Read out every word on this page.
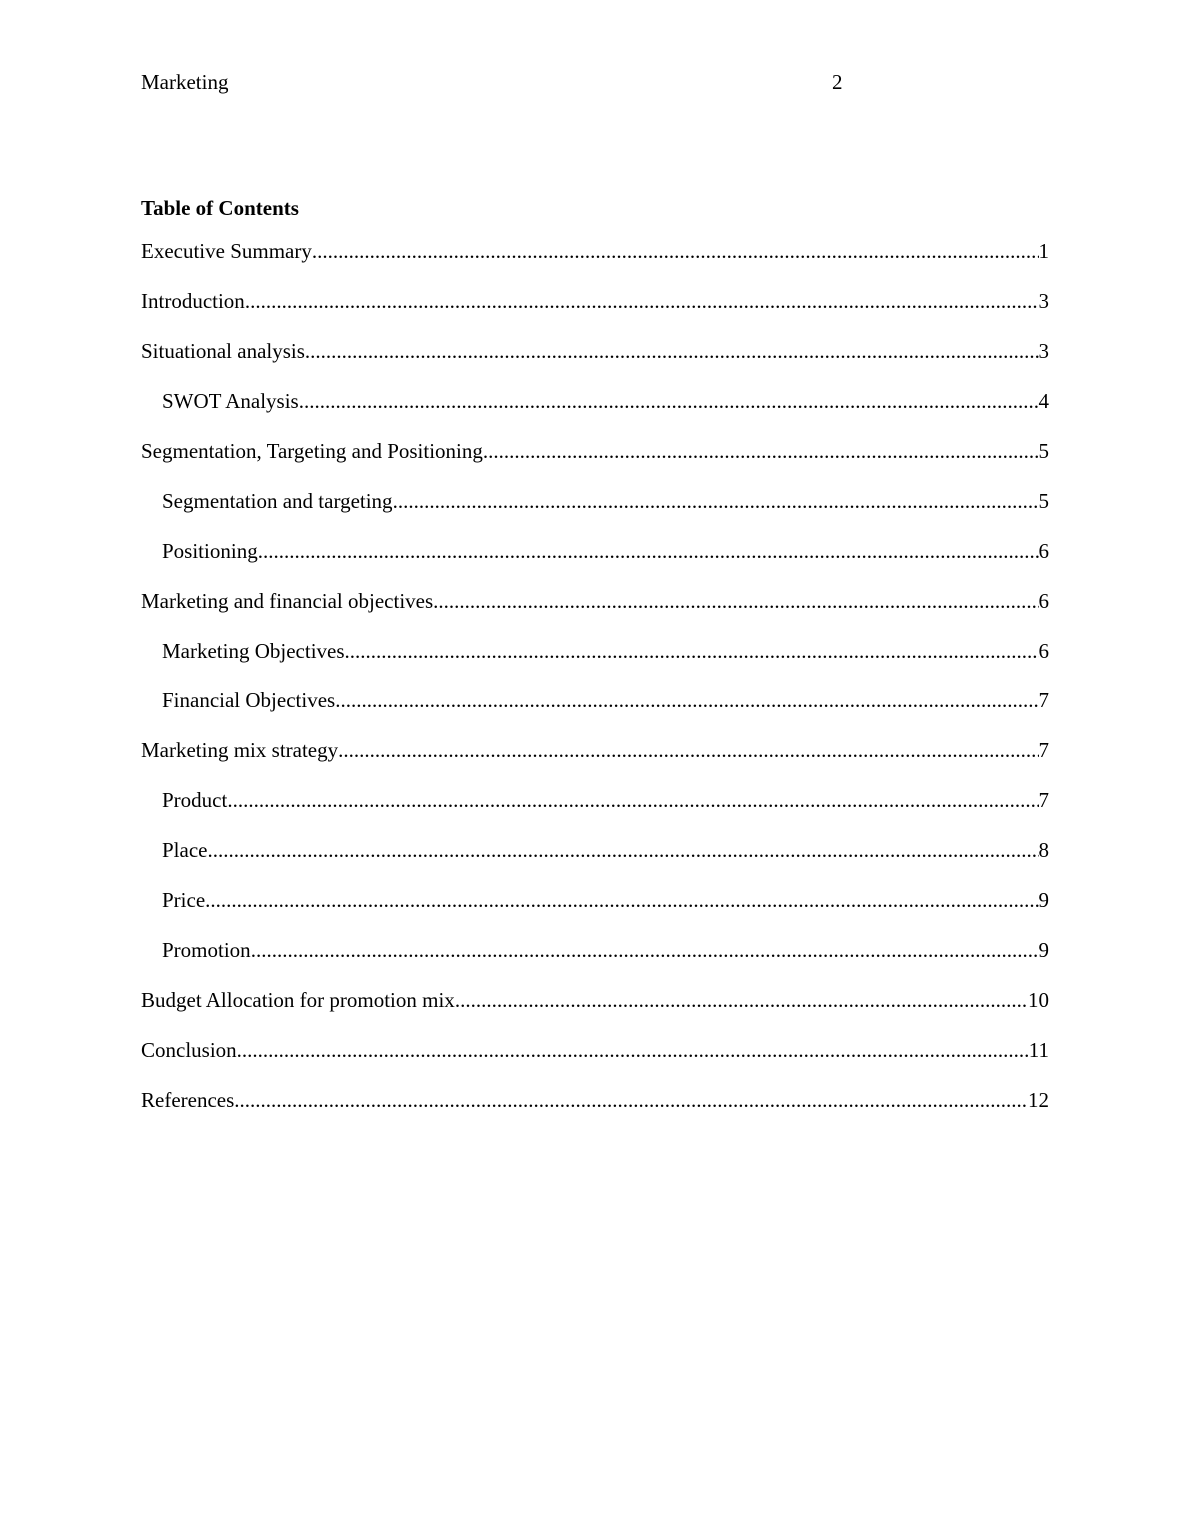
Marketing	2
Table of Contents
Executive Summary .....	1
Introduction .....	3
Situational analysis .....	3
SWOT Analysis .....	4
Segmentation, Targeting and Positioning .....	5
Segmentation and targeting .....	5
Positioning .....	6
Marketing and financial objectives .....	6
Marketing Objectives .....	6
Financial Objectives .....	7
Marketing mix strategy .....	7
Product .....	7
Place .....	8
Price .....	9
Promotion .....	9
Budget Allocation for promotion mix .....	10
Conclusion .....	11
References .....	12
